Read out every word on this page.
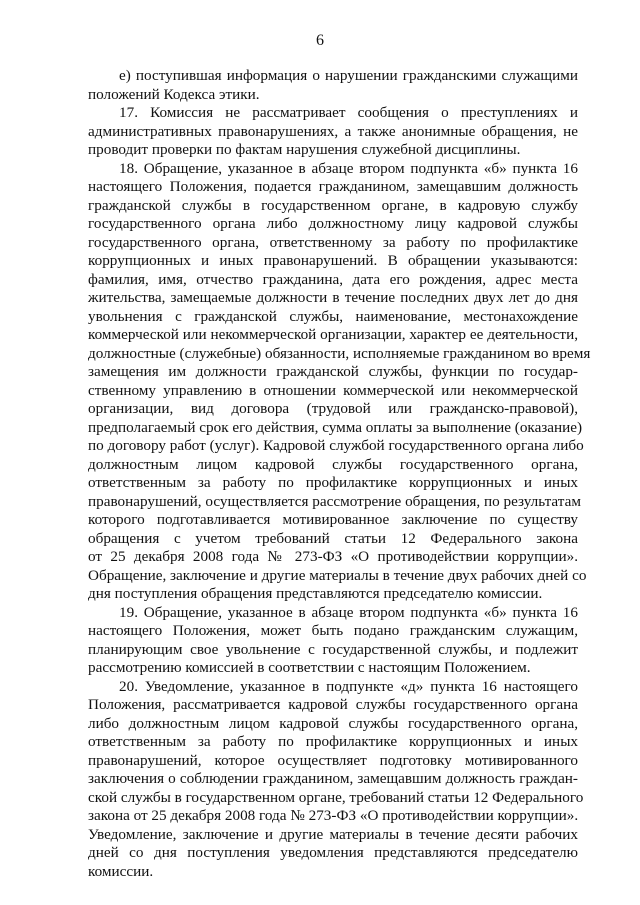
6
е) поступившая информация о нарушении гражданскими служащими
положений Кодекса этики.
17. Комиссия не рассматривает сообщения о преступлениях и
административных правонарушениях, а также анонимные обращения, не
проводит проверки по фактам нарушения служебной дисциплины.
18. Обращение, указанное в абзаце втором подпункта «б» пункта 16
настоящего Положения, подается гражданином, замещавшим должность
гражданской службы в государственном органе, в кадровую службу
государственного органа либо должностному лицу кадровой службы
государственного органа, ответственному за работу по профилактике
коррупционных и иных правонарушений. В обращении указываются:
фамилия, имя, отчество гражданина, дата его рождения, адрес места
жительства, замещаемые должности в течение последних двух лет до дня
увольнения с гражданской службы, наименование, местонахождение
коммерческой или некоммерческой организации, характер ее деятельности,
должностные (служебные) обязанности, исполняемые гражданином во время
замещения им должности гражданской службы, функции по государ-
ственному управлению в отношении коммерческой или некоммерческой
организации, вид договора (трудовой или гражданско-правовой),
предполагаемый срок его действия, сумма оплаты за выполнение (оказание)
по договору работ (услуг). Кадровой службой государственного органа либо
должностным лицом кадровой службы государственного органа,
ответственным за работу по профилактике коррупционных и иных
правонарушений, осуществляется рассмотрение обращения, по результатам
которого подготавливается мотивированное заключение по существу
обращения с учетом требований статьи 12 Федерального закона
от 25 декабря 2008 года № 273-ФЗ «О противодействии коррупции».
Обращение, заключение и другие материалы в течение двух рабочих дней со
дня поступления обращения представляются председателю комиссии.
19. Обращение, указанное в абзаце втором подпункта «б» пункта 16
настоящего Положения, может быть подано гражданским служащим,
планирующим свое увольнение с государственной службы, и подлежит
рассмотрению комиссией в соответствии с настоящим Положением.
20. Уведомление, указанное в подпункте «д» пункта 16 настоящего
Положения, рассматривается кадровой службы государственного органа
либо должностным лицом кадровой службы государственного органа,
ответственным за работу по профилактике коррупционных и иных
правонарушений, которое осуществляет подготовку мотивированного
заключения о соблюдении гражданином, замещавшим должность граждан-
ской службы в государственном органе, требований статьи 12 Федерального
закона от 25 декабря 2008 года № 273-ФЗ «О противодействии коррупции».
Уведомление, заключение и другие материалы в течение десяти рабочих
дней со дня поступления уведомления представляются председателю
комиссии.
